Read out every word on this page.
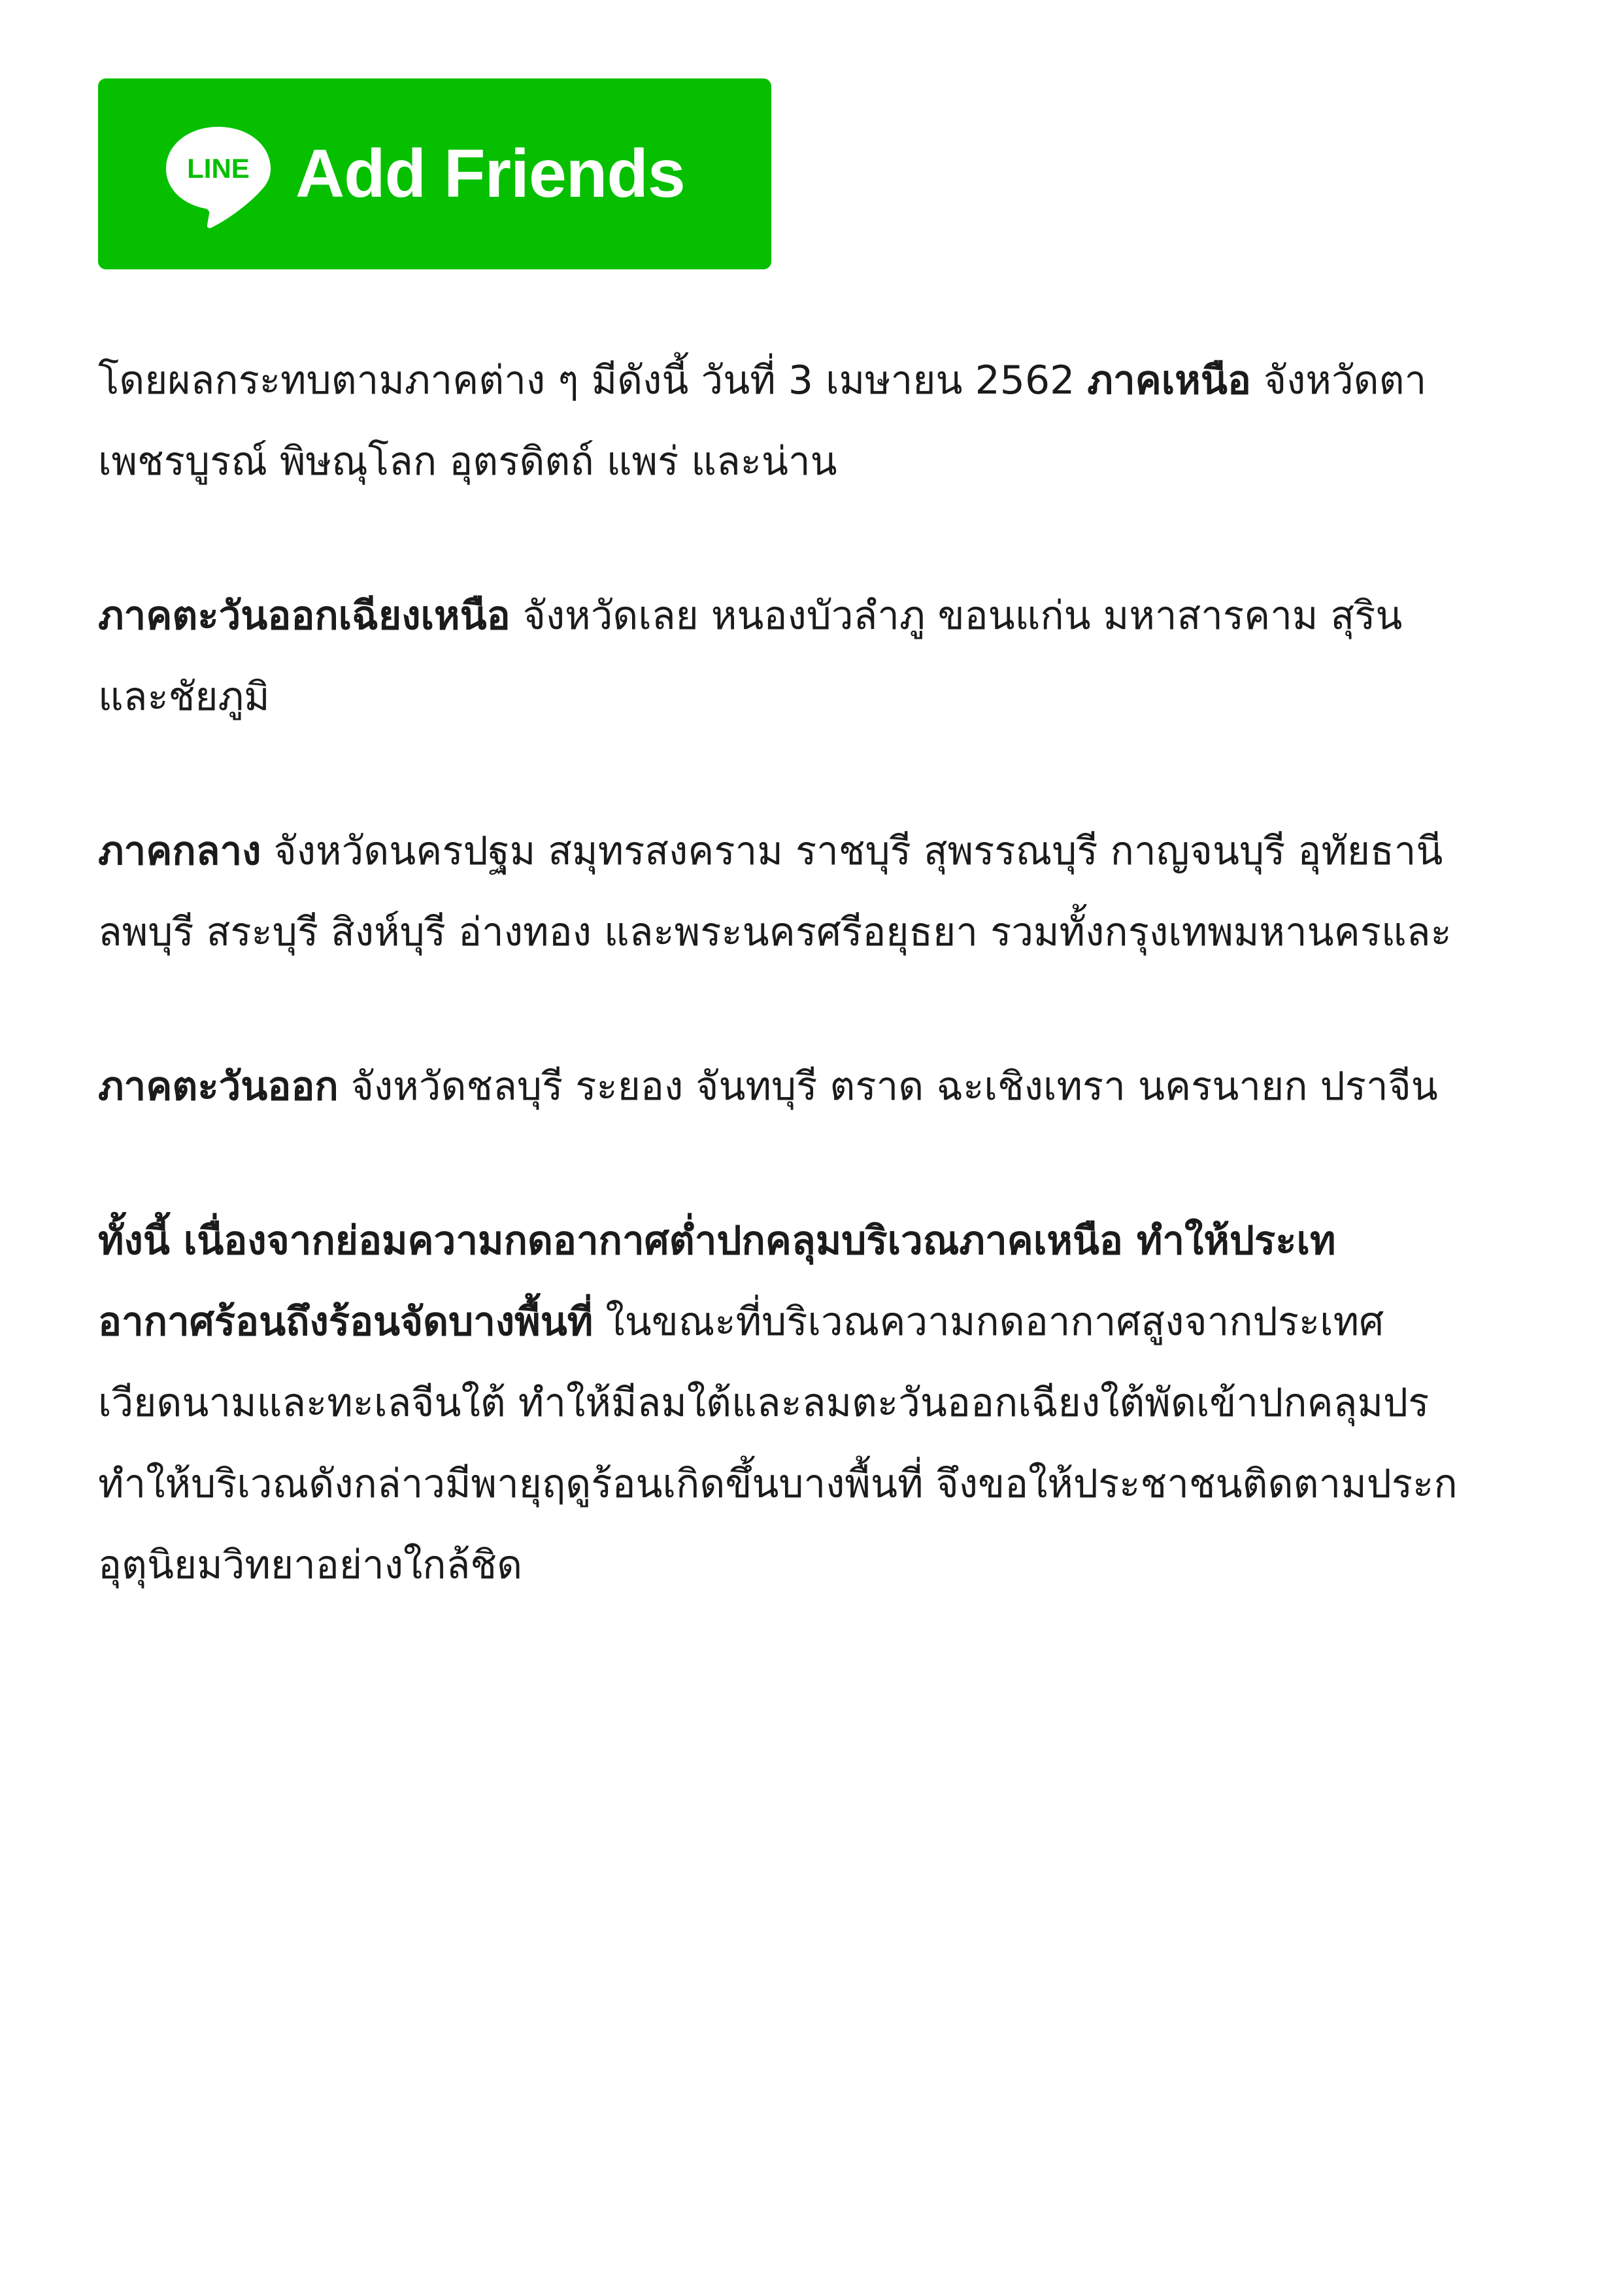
LINE Add Friends
โดยผลกระทบตามภาคต่าง ๆ มีดังนี้ วันที่ 3 เมษายน 2562 ภาคเหนือ จังหวัดตา
เพชรบูรณ์ พิษณุโลก อุตรดิตถ์ แพร่ และน่าน
ภาคตะวันออกเฉียงเหนือ จังหวัดเลย หนองบัวลำภู ขอนแก่น มหาสารคาม สุริน
และชัยภูมิ
ภาคกลาง จังหวัดนครปฐม สมุทรสงคราม ราชบุรี สุพรรณบุรี กาญจนบุรี อุทัยธานี
ลพบุรี สระบุรี สิงห์บุรี อ่างทอง และพระนครศรีอยุธยา รวมทั้งกรุงเทพมหานครและ
ภาคตะวันออก จังหวัดชลบุรี ระยอง จันทบุรี ตราด ฉะเชิงเทรา นครนายก ปราจีน
ทั้งนี้ เนื่องจากย่อมความกดอากาศต่ำปกคลุมบริเวณภาคเหนือ ทำให้ประเท
อากาศร้อนถึงร้อนจัดบางพื้นที่ ในขณะที่บริเวณความกดอากาศสูงจากประเทศ
เวียดนามและทะเลจีนใต้ ทำให้มีลมใต้และลมตะวันออกเฉียงใต้พัดเข้าปกคลุมปร
ทำให้บริเวณดังกล่าวมีพายุฤดูร้อนเกิดขึ้นบางพื้นที่ จึงขอให้ประชาชนติดตามประก
อุตุนิยมวิทยาอย่างใกล้ชิด
